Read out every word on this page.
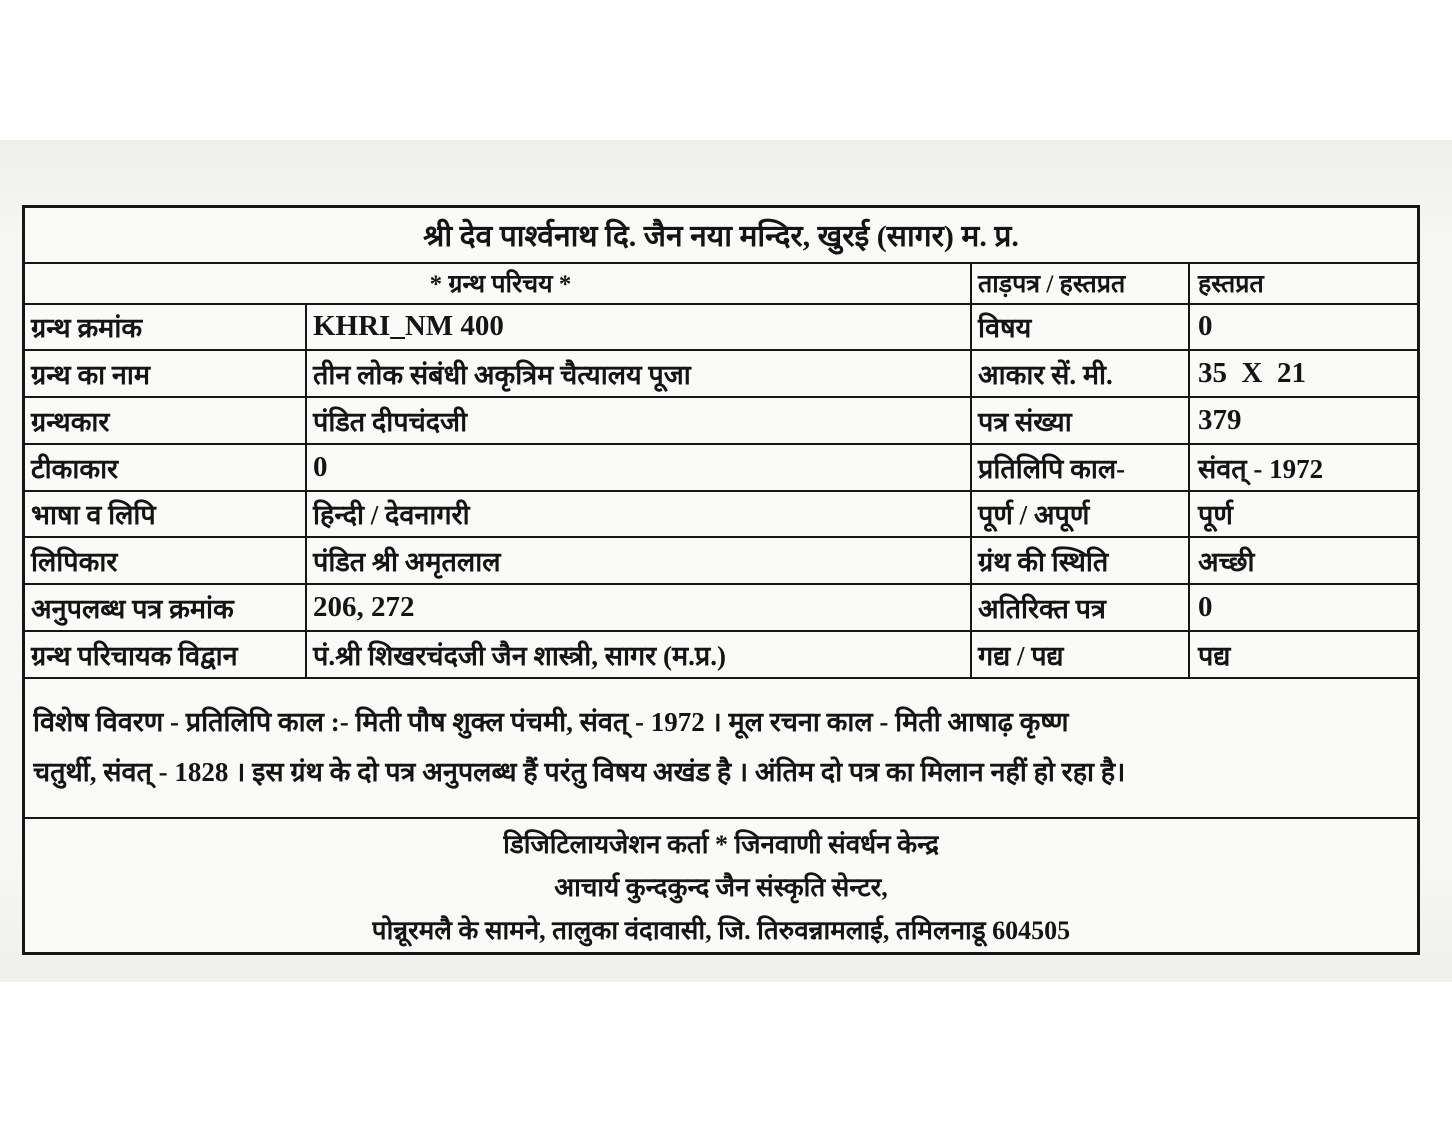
श्री देव पार्श्वनाथ दि. जैन नया मन्दिर, खुरई (सागर) म. प्र.
* ग्रन्थ परिचय *	ताड़पत्र / हस्तप्रत	हस्तप्रत
ग्रन्थ क्रमांक	KHRI_NM 400	विषय	0
ग्रन्थ का नाम	तीन लोक संबंधी अकृत्रिम चैत्यालय पूजा	आकार सें. मी.	35  X  21
ग्रन्थकार	पंडित दीपचंदजी	पत्र संख्या	379
टीकाकार	0	प्रतिलिपि काल-	संवत् - 1972
भाषा व लिपि	हिन्दी / देवनागरी	पूर्ण / अपूर्ण	पूर्ण
लिपिकार	पंडित श्री अमृतलाल	ग्रंथ की स्थिति	अच्छी
अनुपलब्ध पत्र क्रमांक	206, 272	अतिरिक्त पत्र	0
ग्रन्थ परिचायक विद्वान	पं.श्री शिखरचंदजी जैन शास्त्री, सागर (म.प्र.)	गद्य / पद्य	पद्य
विशेष विवरण - प्रतिलिपि काल :- मिती पौष शुक्ल पंचमी, संवत् - 1972 । मूल रचना काल - मिती आषाढ़ कृष्ण
चतुर्थी, संवत् - 1828 । इस ग्रंथ के दो पत्र अनुपलब्ध हैं परंतु विषय अखंड है । अंतिम दो पत्र का मिलान नहीं हो रहा है।
डिजिटिलायजेशन कर्ता * जिनवाणी संवर्धन केन्द्र
आचार्य कुन्दकुन्द जैन संस्कृति सेन्टर,
पोन्नूरमलै के सामने, तालुका वंदावासी, जि. तिरुवन्नामलाई, तमिलनाडू 604505
